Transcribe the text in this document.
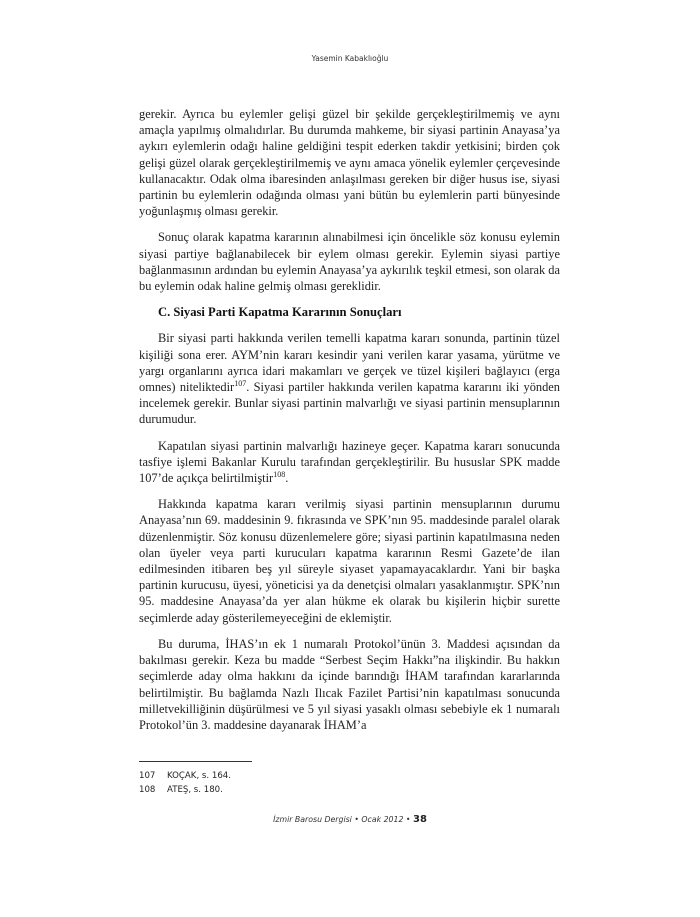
Yasemin Kabaklıoğlu

gerekir. Ayrıca bu eylemler gelişi güzel bir şekilde gerçekleştirilmemiş ve aynı amaçla yapılmış olmalıdırlar. Bu durumda mahkeme, bir siyasi partinin Anayasa’ya aykırı eylemlerin odağı haline geldiğini tespit ederken takdir yetkisini; birden çok gelişi güzel olarak gerçekleştirilmemiş ve aynı amaca yönelik eylemler çerçevesinde kullanacaktır. Odak olma ibaresinden anlaşılması gereken bir diğer husus ise, siyasi partinin bu eylemlerin odağında olması yani bütün bu eylemlerin parti bünyesinde yoğunlaşmış olması gerekir.

Sonuç olarak kapatma kararının alınabilmesi için öncelikle söz konusu eylemin siyasi partiye bağlanabilecek bir eylem olması gerekir. Eylemin siyasi partiye bağlanmasının ardından bu eylemin Anayasa’ya aykırılık teşkil etmesi, son olarak da bu eylemin odak haline gelmiş olması gereklidir.

C. Siyasi Parti Kapatma Kararının Sonuçları

Bir siyasi parti hakkında verilen temelli kapatma kararı sonunda, partinin tüzel kişiliği sona erer. AYM’nin kararı kesindir yani verilen karar yasama, yürütme ve yargı organlarını ayrıca idari makamları ve gerçek ve tüzel kişileri bağlayıcı (erga omnes) niteliktedir$^{107}$. Siyasi partiler hakkında verilen kapatma kararını iki yönden incelemek gerekir. Bunlar siyasi partinin malvarlığı ve siyasi partinin mensuplarının durumudur.

Kapatılan siyasi partinin malvarlığı hazineye geçer. Kapatma kararı sonucunda tasfiye işlemi Bakanlar Kurulu tarafından gerçekleştirilir. Bu hususlar SPK madde 107’de açıkça belirtilmiştir$^{108}$.

Hakkında kapatma kararı verilmiş siyasi partinin mensuplarının durumu Anayasa’nın 69. maddesinin 9. fıkrasında ve SPK’nın 95. maddesinde paralel olarak düzenlenmiştir. Söz konusu düzenlemelere göre; siyasi partinin kapatılmasına neden olan üyeler veya parti kurucuları kapatma kararının Resmi Gazete’de ilan edilmesinden itibaren beş yıl süreyle siyaset yapamayacaklardır. Yani bir başka partinin kurucusu, üyesi, yöneticisi ya da denetçisi olmaları yasaklanmıştır. SPK’nın 95. maddesine Anayasa’da yer alan hükme ek olarak bu kişilerin hiçbir surette seçimlerde aday gösterilemeyeceğini de eklemiştir.

Bu duruma, İHAS’ın ek 1 numaralı Protokol’ünün 3. Maddesi açısından da bakılması gerekir. Keza bu madde “Serbest Seçim Hakkı”na ilişkindir. Bu hakkın seçimlerde aday olma hakkını da içinde barındığı İHAM tarafından kararlarında belirtilmiştir. Bu bağlamda Nazlı Ilıcak Fazilet Partisi’nin kapatılması sonucunda milletvekilliğinin düşürülmesi ve 5 yıl siyasi yasaklı olması sebebiyle ek 1 numaralı Protokol’ün 3. maddesine dayanarak İHAM’a

107	KOÇAK, s. 164.
108	ATEŞ, s. 180.
İzmir Barosu Dergisi • Ocak 2012 • 38
